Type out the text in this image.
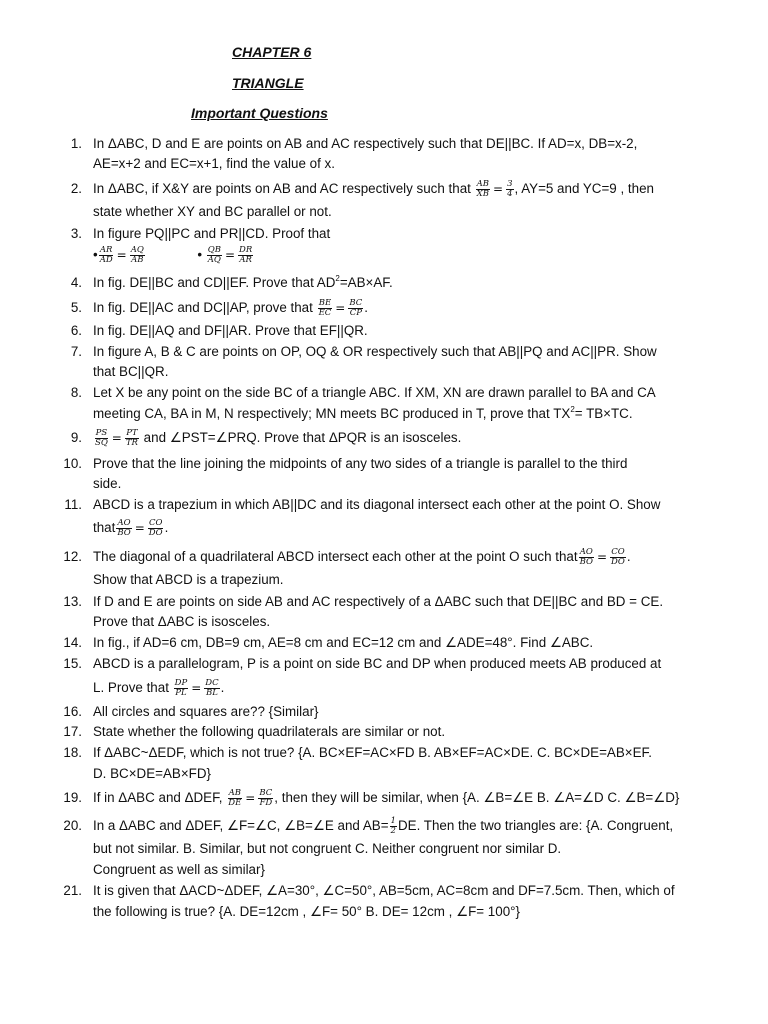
CHAPTER 6
TRIANGLE
Important Questions
1. In ΔABC, D and E are points on AB and AC respectively such that DE||BC. If AD=x, DB=x-2,
AE=x+2 and EC=x+1, find the value of x.
2. In ΔABC, if X&Y are points on AB and AC respectively such that $\frac{AB}{XB} = \frac{3}{4}$ , AY=5 and YC=9 , then
state whether XY and BC parallel or not.
3. In figure PQ||PC and PR||CD. Proof that
• $\frac{AR}{AD} = \frac{AQ}{AB}$	• $\frac{QB}{AQ} = \frac{DR}{AR}$
4. In fig. DE||BC and CD||EF. Prove that $AD^2=AB\times AF$.
5. In fig. DE||AC and DC||AP, prove that $\frac{BE}{EC} = \frac{BC}{CP}$ .
6. In fig. DE||AQ and DF||AR. Prove that EF||QR.
7. In figure A, B & C are points on OP, OQ & OR respectively such that AB||PQ and AC||PR. Show
that BC||QR.
8. Let X be any point on the side BC of a triangle ABC. If XM, XN are drawn parallel to BA and CA
meeting CA, BA in M, N respectively; MN meets BC produced in T, prove that $TX^2= TB\times TC$.
9. $\frac{PS}{SQ} = \frac{PT}{TR}$ and ∠PST=∠PRQ. Prove that ΔPQR is an isosceles.
10. Prove that the line joining the midpoints of any two sides of a triangle is parallel to the third
side.
11. ABCD is a trapezium in which AB||DC and its diagonal intersect each other at the point O. Show
that $\frac{AO}{BO} = \frac{CO}{DO}$ .
12. The diagonal of a quadrilateral ABCD intersect each other at the point O such that $\frac{AO}{BO} = \frac{CO}{DO}$ .
Show that ABCD is a trapezium.
13. If D and E are points on side AB and AC respectively of a ΔABC such that DE||BC and BD = CE.
Prove that ΔABC is isosceles.
14. In fig., if AD=6 cm, DB=9 cm, AE=8 cm and EC=12 cm and ∠ADE=48°. Find ∠ABC.
15. ABCD is a parallelogram, P is a point on side BC and DP when produced meets AB produced at
L. Prove that $\frac{DP}{PL} = \frac{DC}{BL}$ .
16. All circles and squares are?? {Similar}
17. State whether the following quadrilaterals are similar or not.
18. If ΔABC~ΔEDF, which is not true? {A. BC×EF=AC×FD B. AB×EF=AC×DE. C. BC×DE=AB×EF.
D. BC×DE=AB×FD}
19. If in ΔABC and ΔDEF, $\frac{AB}{DE} = \frac{BC}{FD}$ , then they will be similar, when {A. ∠B=∠E B. ∠A=∠D C. ∠B=∠D}
20. In a ΔABC and ΔDEF, ∠F=∠C, ∠B=∠E and $AB= \frac{1}{2}$ DE. Then the two triangles are: {A. Congruent,
but not similar. B. Similar, but not congruent C. Neither congruent nor similar D.
Congruent as well as similar}
21. It is given that ΔACD~ΔDEF, ∠A=30°, ∠C=50°, AB=5cm, AC=8cm and DF=7.5cm. Then, which of
the following is true? {A. DE=12cm , ∠F= 50° B. DE= 12cm , ∠F= 100°}
